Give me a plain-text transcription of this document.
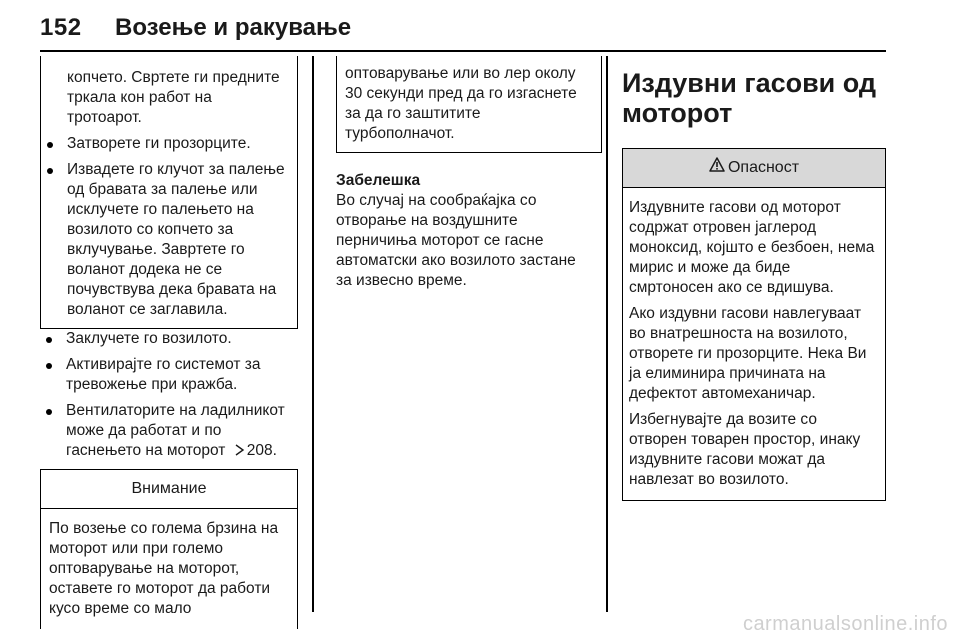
152 Возење и ракување
копчето. Свртете ги предните тркала кон работ на тротоарот.
Затворете ги прозорците.
Извадете го клучот за палење од бравата за палење или исклучете го палењето на возилото со копчето за вклучување. Завртете го воланот додека не се почувствува дека бравата на воланот се заглавила.
Заклучете го возилото.
Активирајте го системот за тревожење при кражба.
Вентилаторите на ладилникот може да работат и по гаснењето на моторот 208.
Внимание
По возење со голема брзина на моторот или при големо оптоварување на моторот, оставете го моторот да работи кусо време со мало
оптоварување или во лер околу 30 секунди пред да го изгаснете за да го заштитите турбополначот.
Забелешка
Во случај на сообраќајка со отворање на воздушните перничиња моторот се гасне автоматски ако возилото застане за извесно време.
Издувни гасови од
моторот
Опасност

Издувните гасови од моторот содржат отровен јаглерод моноксид, којшто е безбоен, нема мирис и може да биде смртоносен ако се вдишува.

Ако издувни гасови навлегуваат во внатрешноста на возилото, отворете ги прозорците. Нека Ви ја елиминира причината на дефектот автомеханичар.

Избегнувајте да возите со отворен товарен простор, инаку издувните гасови можат да навлезат во возилото.

carmanualsonline.info
